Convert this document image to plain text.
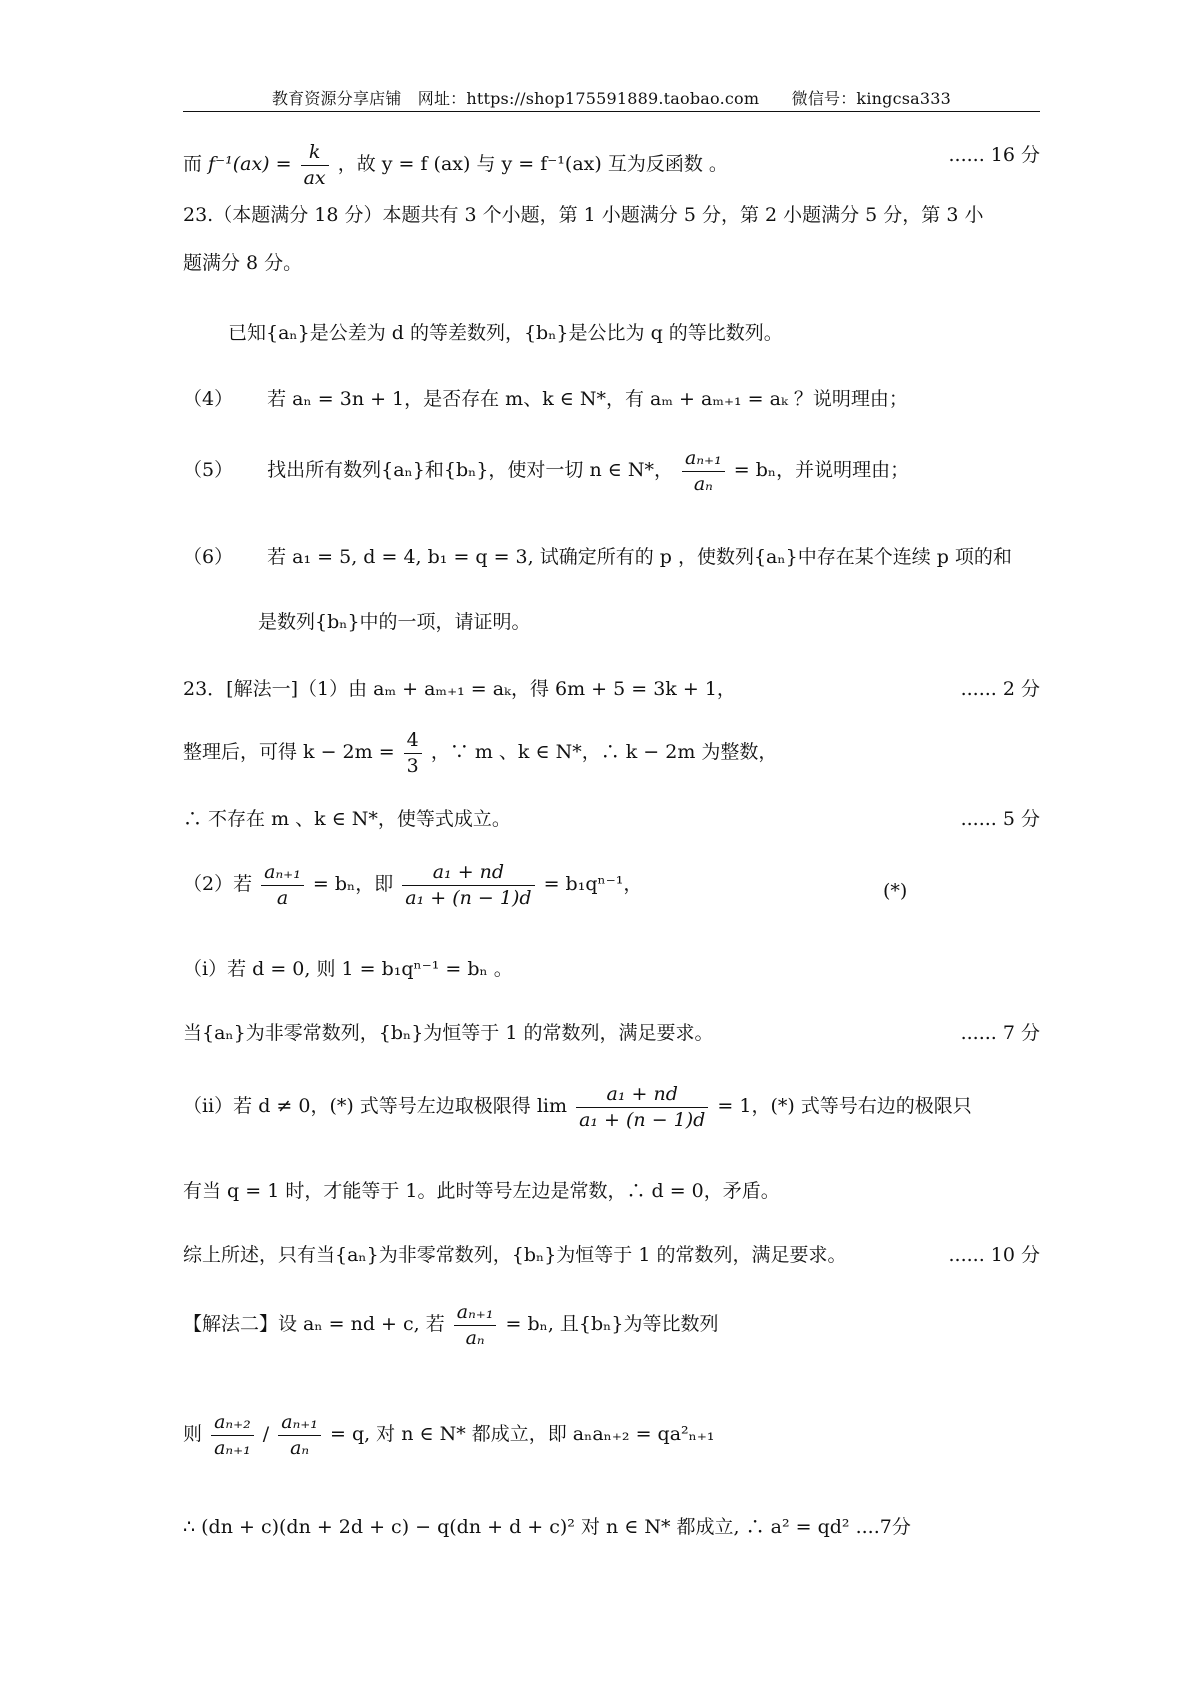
教育资源分享店铺　网址：https://shop175591889.taobao.com　　微信号：kingcsa333
而 $f^{-1}(ax) = \frac{k}{ax}$ ，故 y = f (ax) 与 y = f⁻¹(ax) 互为反函数 。	...... 16 分
23.（本题满分 18 分）本题共有 3 个小题，第 1 小题满分 5 分，第 2 小题满分 5 分，第 3 小
题满分 8 分。
已知{aₙ}是公差为 d 的等差数列，{bₙ}是公比为 q 的等比数列。
（4） 若 aₙ = 3n + 1，是否存在 m、k ∈ N*，有 aₘ + aₘ₊₁ = aₖ ？说明理由；
（5） 找出所有数列{aₙ}和{bₙ}，使对一切 n ∈ N*， $\frac{\text{aₙ₊₁}}{\text{aₙ}} = b_n$，并说明理由；
（6） 若 a₁ = 5, d = 4, b₁ = q = 3, 试确定所有的 p ，使数列{aₙ}中存在某个连续 p 项的和
是数列{bₙ}中的一项，请证明。
23．[解法一]（1）由 aₘ + aₘ₊₁ = aₖ，得 6m + 5 = 3k + 1，	...... 2 分
整理后，可得 $k - 2m = \frac{4}{3}$ ，∵ m 、k ∈ N*，∴ k − 2m 为整数，
∴ 不存在 m 、k ∈ N*，使等式成立。	...... 5 分
（2）若 $\frac{\text{aₙ₊₁}}{a} = b_n$，即 $\frac{\text{a₁ + nd}}{\text{a₁ + (n − 1)d}} = b_1q^{n-1}$，	(*)
（ⅰ）若 d = 0, 则 1 = b₁qⁿ⁻¹ = bₙ 。
当{aₙ}为非零常数列，{bₙ}为恒等于 1 的常数列，满足要求。	...... 7 分
（ⅱ）若 d ≠ 0，(*) 式等号左边取极限得 $\lim \frac{\text{a₁ + nd}}{\text{a₁ + (n − 1)d}} = 1$，(*) 式等号右边的极限只
有当 q = 1 时，才能等于 1。此时等号左边是常数，∴ d = 0，矛盾。
综上所述，只有当{aₙ}为非零常数列，{bₙ}为恒等于 1 的常数列，满足要求。	...... 10 分
【解法二】设 aₙ = nd + c, 若 $\frac{\text{aₙ₊₁}}{\text{aₙ}} = b_n$, 且{bₙ}为等比数列
则 $\frac{\text{aₙ₊₂}}{\text{aₙ₊₁}} / \frac{\text{aₙ₊₁}}{\text{aₙ}} = q$, 对 n ∈ N* 都成立，即 aₙaₙ₊₂ = qa²ₙ₊₁
∴ (dn + c)(dn + 2d + c) − q(dn + d + c)² 对 n ∈ N* 都成立, ∴ a² = qd² ....7分
